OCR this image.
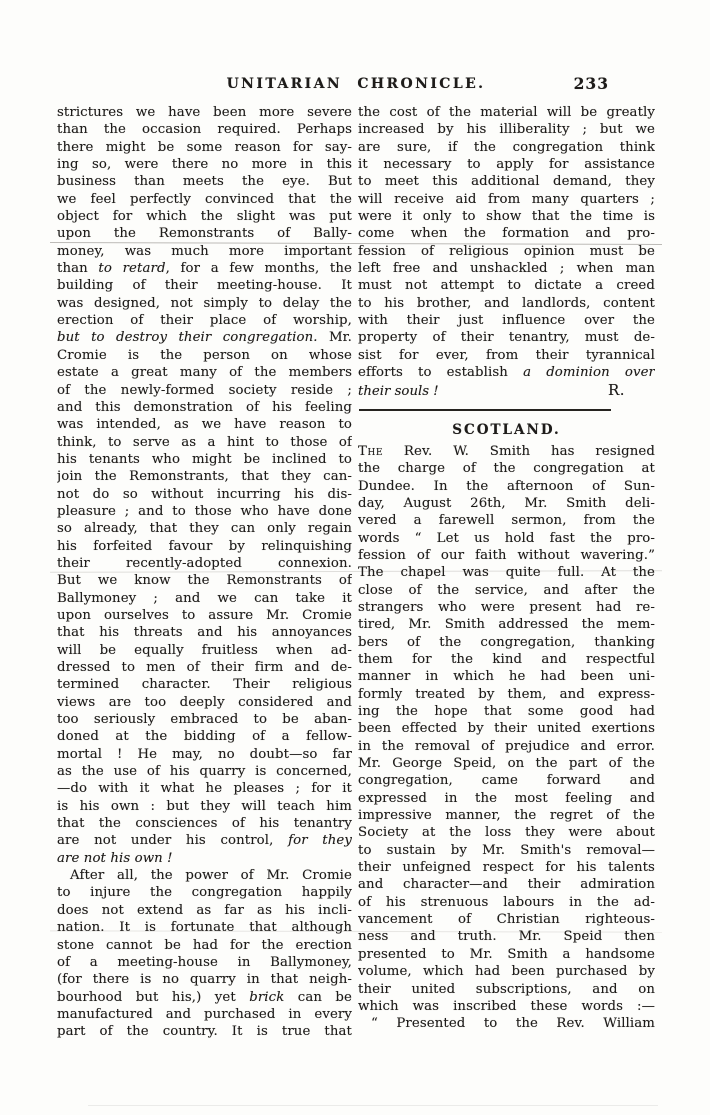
UNITARIAN CHRONICLE.	233
strictures we have been more severe
than the occasion required. Perhaps
there might be some reason for say-
ing so, were there no more in this
business than meets the eye. But
we feel perfectly convinced that the
object for which the slight was put
upon the Remonstrants of Bally-
money, was much more important
than to retard, for a few months, the
building of their meeting-house. It
was designed, not simply to delay the
erection of their place of worship,
but to destroy their congregation. Mr.
Cromie is the person on whose
estate a great many of the members
of the newly-formed society reside ;
and this demonstration of his feeling
was intended, as we have reason to
think, to serve as a hint to those of
his tenants who might be inclined to
join the Remonstrants, that they can-
not do so without incurring his dis-
pleasure ; and to those who have done
so already, that they can only regain
his forfeited favour by relinquishing
their recently-adopted connexion.
But we know the Remonstrants of
Ballymoney ; and we can take it
upon ourselves to assure Mr. Cromie
that his threats and his annoyances
will be equally fruitless when ad-
dressed to men of their firm and de-
termined character. Their religious
views are too deeply considered and
too seriously embraced to be aban-
doned at the bidding of a fellow-
mortal ! He may, no doubt—so far
as the use of his quarry is concerned,
—do with it what he pleases ; for it
is his own : but they will teach him
that the consciences of his tenantry
are not under his control, for they
are not his own !
After all, the power of Mr. Cromie
to injure the congregation happily
does not extend as far as his incli-
nation. It is fortunate that although
stone cannot be had for the erection
of a meeting-house in Ballymoney,
(for there is no quarry in that neigh-
bourhood but his,) yet brick can be
manufactured and purchased in every
part of the country. It is true that
the cost of the material will be greatly
increased by his illiberality ; but we
are sure, if the congregation think
it necessary to apply for assistance
to meet this additional demand, they
will receive aid from many quarters ;
were it only to show that the time is
come when the formation and pro-
fession of religious opinion must be
left free and unshackled ; when man
must not attempt to dictate a creed
to his brother, and landlords, content
with their just influence over the
property of their tenantry, must de-
sist for ever, from their tyrannical
efforts to establish a dominion over
their souls !	R.
SCOTLAND.
The Rev. W. Smith has resigned
the charge of the congregation at
Dundee. In the afternoon of Sun-
day, August 26th, Mr. Smith deli-
vered a farewell sermon, from the
words “ Let us hold fast the pro-
fession of our faith without wavering.”
The chapel was quite full. At the
close of the service, and after the
strangers who were present had re-
tired, Mr. Smith addressed the mem-
bers of the congregation, thanking
them for the kind and respectful
manner in which he had been uni-
formly treated by them, and express-
ing the hope that some good had
been effected by their united exertions
in the removal of prejudice and error.
Mr. George Speid, on the part of the
congregation, came forward and
expressed in the most feeling and
impressive manner, the regret of the
Society at the loss they were about
to sustain by Mr. Smith's removal—
their unfeigned respect for his talents
and character—and their admiration
of his strenuous labours in the ad-
vancement of Christian righteous-
ness and truth. Mr. Speid then
presented to Mr. Smith a handsome
volume, which had been purchased by
their united subscriptions, and on
which was inscribed these words :—
“ Presented to the Rev. William
